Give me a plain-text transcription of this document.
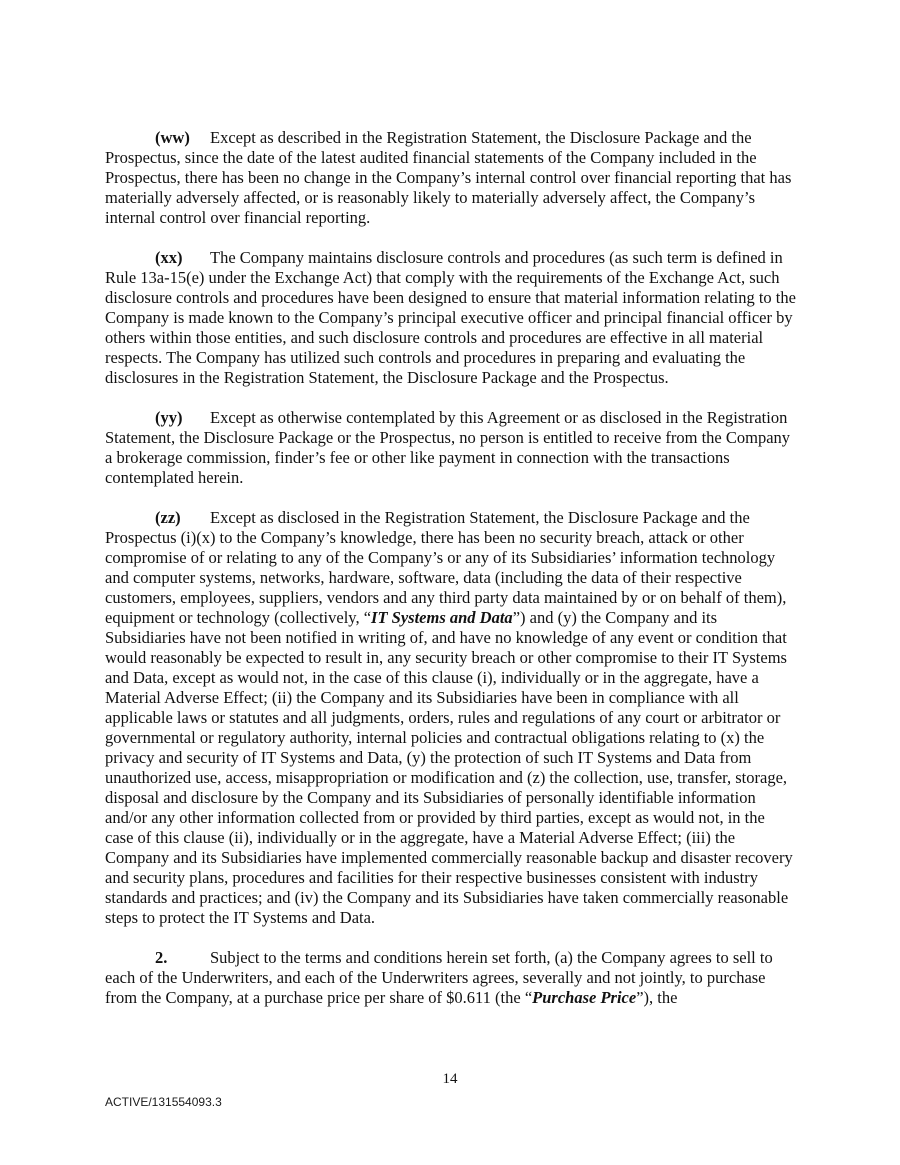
(ww) Except as described in the Registration Statement, the Disclosure Package and the Prospectus, since the date of the latest audited financial statements of the Company included in the Prospectus, there has been no change in the Company’s internal control over financial reporting that has materially adversely affected, or is reasonably likely to materially adversely affect, the Company’s internal control over financial reporting.

(xx) The Company maintains disclosure controls and procedures (as such term is defined in Rule 13a-15(e) under the Exchange Act) that comply with the requirements of the Exchange Act, such disclosure controls and procedures have been designed to ensure that material information relating to the Company is made known to the Company’s principal executive officer and principal financial officer by others within those entities, and such disclosure controls and procedures are effective in all material respects. The Company has utilized such controls and procedures in preparing and evaluating the disclosures in the Registration Statement, the Disclosure Package and the Prospectus.

(yy) Except as otherwise contemplated by this Agreement or as disclosed in the Registration Statement, the Disclosure Package or the Prospectus, no person is entitled to receive from the Company a brokerage commission, finder’s fee or other like payment in connection with the transactions contemplated herein.

(zz) Except as disclosed in the Registration Statement, the Disclosure Package and the Prospectus (i)(x) to the Company’s knowledge, there has been no security breach, attack or other compromise of or relating to any of the Company’s or any of its Subsidiaries’ information technology and computer systems, networks, hardware, software, data (including the data of their respective customers, employees, suppliers, vendors and any third party data maintained by or on behalf of them), equipment or technology (collectively, “IT Systems and Data”) and (y) the Company and its Subsidiaries have not been notified in writing of, and have no knowledge of any event or condition that would reasonably be expected to result in, any security breach or other compromise to their IT Systems and Data, except as would not, in the case of this clause (i), individually or in the aggregate, have a Material Adverse Effect; (ii) the Company and its Subsidiaries have been in compliance with all applicable laws or statutes and all judgments, orders, rules and regulations of any court or arbitrator or governmental or regulatory authority, internal policies and contractual obligations relating to (x) the privacy and security of IT Systems and Data, (y) the protection of such IT Systems and Data from unauthorized use, access, misappropriation or modification and (z) the collection, use, transfer, storage, disposal and disclosure by the Company and its Subsidiaries of personally identifiable information and/or any other information collected from or provided by third parties, except as would not, in the case of this clause (ii), individually or in the aggregate, have a Material Adverse Effect; (iii) the Company and its Subsidiaries have implemented commercially reasonable backup and disaster recovery and security plans, procedures and facilities for their respective businesses consistent with industry standards and practices; and (iv) the Company and its Subsidiaries have taken commercially reasonable steps to protect the IT Systems and Data.

2.	Subject to the terms and conditions herein set forth, (a) the Company agrees to sell to each of the Underwriters, and each of the Underwriters agrees, severally and not jointly, to purchase from the Company, at a purchase price per share of $0.611 (the “Purchase Price”), the

14
ACTIVE/131554093.3
